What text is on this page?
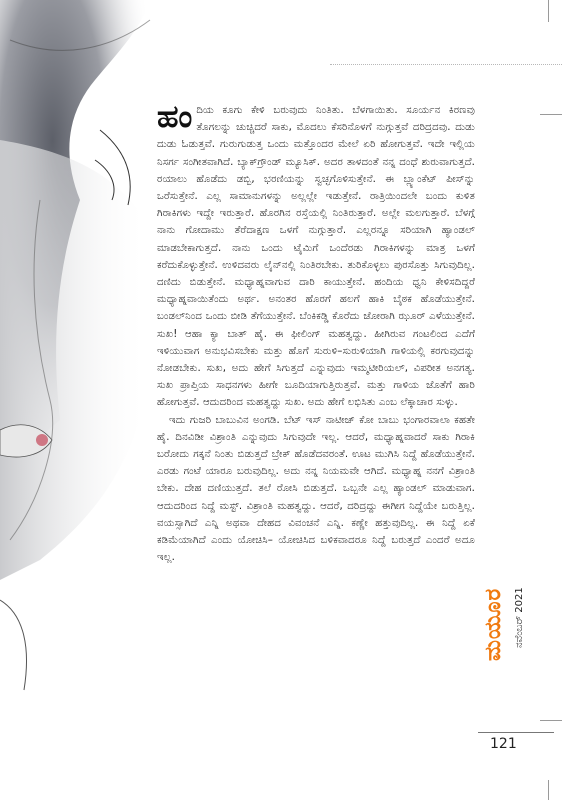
ಹಂದಿಯ ಕೂಗು ಕೇಳಿ ಬರುವುದು ನಿಂತಿತು. ಬೆಳಗಾಯಿತು. ಸೂರ್ಯನ ಕಿರಣವು ತೊಗಲನ್ನು ಚುಚ್ಚಿದರೆ ಸಾಕು, ಮೊದಲು ಕೆಸರಿನೊಳಗೆ ನುಗ್ಗುತ್ತವೆ ದರಿದ್ರದವು. ದುಡು ದುಡು ಓಡುತ್ತವೆ. ಗುರುಗುಡುತ್ತ ಒಂದು ಮತ್ತೊಂದರ ಮೇಲೆ ಏರಿ ಹೋಗುತ್ತವೆ. ಇದೇ ಇಲ್ಲಿಯ ನಿಸರ್ಗ ಸಂಗೀತವಾಗಿದೆ. ಬ್ಯಾಕ್‌ಗ್ರೌಂಡ್ ಮ್ಯೂಸಿಕ್. ಅದರ ತಾಳದಂತೆ ನನ್ನ ದಂಧೆ ಶುರುವಾಗುತ್ತದೆ. ರಯಾಲು ಹೊಡೆದು ಡಬ್ಬಿ, ಭರಣಿಯನ್ನು ಸ್ವಚ್ಛಗೊಳಿಸುತ್ತೇನೆ. ಈ ಬ್ಲ್ಯಾಂಕೆಟ್ ಪೀಸ್‌ನ್ನು ಒರೆಸುತ್ತೇನೆ. ಎಲ್ಲ ಸಾಮಾನುಗಳನ್ನು ಅಲ್ಲಲ್ಲೇ ಇಡುತ್ತೇನೆ. ರಾತ್ರಿಯಿಂದಲೇ ಬಂದು ಕುಳಿತ ಗಿರಾಕಿಗಳು ಇದ್ದೇ ಇರುತ್ತಾರೆ. ಹೊರಗಿನ ರಸ್ತೆಯಲ್ಲಿ ನಿಂತಿರುತ್ತಾರೆ. ಅಲ್ಲೇ ಮಲಗುತ್ತಾರೆ. ಬೆಳಗ್ಗೆ ನಾನು ಗೋದಾಮು ತೆರೆದಾಕ್ಷಣ ಒಳಗೆ ನುಗ್ಗುತ್ತಾರೆ. ಎಲ್ಲರನ್ನೂ ಸರಿಯಾಗಿ ಹ್ಯಾಂಡಲ್ ಮಾಡಬೇಕಾಗುತ್ತದೆ. ನಾನು ಒಂದು ಟೈಮಿಗೆ ಒಂದೆರಡು ಗಿರಾಕಿಗಳನ್ನು ಮಾತ್ರ ಒಳಗೆ ಕರೆದುಕೊಳ್ಳುತ್ತೇನೆ. ಉಳಿದವರು ಲೈನ್‌ನಲ್ಲಿ ನಿಂತಿರಬೇಕು. ತುರಿಕೊಳ್ಳಲು ಪುರಸೊತ್ತು ಸಿಗುವುದಿಲ್ಲ. ದಣಿದು ಬಿಡುತ್ತೇನೆ. ಮಧ್ಯಾಹ್ನವಾಗುವ ದಾರಿ ಕಾಯುತ್ತೇನೆ. ಹಂದಿಯ ಧ್ವನಿ ಕೇಳಿಸದಿದ್ದರೆ ಮಧ್ಯಾಹ್ನವಾಯಿತೆಂದು ಅರ್ಥ. ಅನಂತರ ಹೊರಗೆ ಹಲಗೆ ಹಾಕಿ ಬೈಠಕ ಹೊಡೆಯುತ್ತೇನೆ. ಬಂಡಲ್‌ನಿಂದ ಒಂದು ಬೀಡಿ ತೆಗೆಯುತ್ತೇನೆ. ಬೆಂಕಿಕಡ್ಡಿ ಕೊರೆದು ಜೋರಾಗಿ ಝೂರ್ ಎಳೆಯುತ್ತೇನೆ. ಸುಖ! ಆಹಾ ಕ್ಯಾ ಬಾತ್ ಹೈ. ಈ ಫೀಲಿಂಗ್ ಮಹತ್ವದ್ದು. ಹೀಗಿರುವ ಗಂಟಲಿಂದ ಎದೆಗೆ ಇಳಿಯುವಾಗ ಅನುಭವಿಸಬೇಕು ಮತ್ತು ಹೊಗೆ ಸುರುಳಿ–ಸುರುಳಿಯಾಗಿ ಗಾಳಿಯಲ್ಲಿ ಕರಗುವುದನ್ನು ನೋಡಬೇಕು. ಸುಖ, ಅದು ಹೇಗೆ ಸಿಗುತ್ತದೆ ಎನ್ನುವುದು ಇಮ್ಮಟೀರಿಯಲ್, ವಿಪರೀತ ಅನಗತ್ಯ. ಸುಖ ಪ್ರಾಪ್ತಿಯ ಸಾಧನಗಳು ಹೀಗೇ ಬೂದಿಯಾಗುತ್ತಿರುತ್ತವೆ. ಮತ್ತು ಗಾಳಿಯ ಜೊತೆಗೆ ಹಾರಿ ಹೋಗುತ್ತವೆ. ಆದುದರಿಂದ ಮಹತ್ವದ್ದು ಸುಖ. ಅದು ಹೇಗೆ ಲಭಿಸಿತು ಎಂಬ ಲೆಕ್ಕಾಚಾರ ಸುಳ್ಳು.

ಇದು ಗುಜರಿ ಬಾಬುವಿನ ಅಂಗಡಿ. ಬೆಟ್ ಇಸ್ ನಾಟೀಜ್ ಕೋ ಬಾಬು ಭಂಗಾರವಾಲಾ ಕಹತೇ ಹೈ. ದಿನವಿಡೀ ವಿಶ್ರಾಂತಿ ಎನ್ನುವುದು ಸಿಗುವುದೇ ಇಲ್ಲ. ಆದರೆ, ಮಧ್ಯಾಹ್ನವಾದರೆ ಸಾಕು ಗಿರಾಕಿ ಬರೋದು ಗಕ್ಕನೆ ನಿಂತು ಬಿಡುತ್ತದೆ ಬ್ರೇಕ್ ಹೊಡೆದವರಂತೆ. ಊಟ ಮುಗಿಸಿ ನಿದ್ದೆ ಹೊಡೆಯುತ್ತೇನೆ. ಎರಡು ಗಂಟೆ ಯಾರೂ ಬರುವುದಿಲ್ಲ. ಅದು ನನ್ನ ನಿಯಮವೇ ಆಗಿದೆ. ಮಧ್ಯಾಹ್ನ ನನಗೆ ವಿಶ್ರಾಂತಿ ಬೇಕು. ದೇಹ ದಣಿಯುತ್ತದೆ. ತಲೆ ರೋಸಿ ಬಿಡುತ್ತದೆ. ಒಬ್ಬನೇ ಎಲ್ಲ ಹ್ಯಾಂಡಲ್ ಮಾಡುವಾಗ. ಆದುದರಿಂದ ನಿದ್ದೆ ಮಸ್ಟ್. ವಿಶ್ರಾಂತಿ ಮಹತ್ವದ್ದು. ಆದರೆ, ದರಿದ್ರದ್ದು ಈಗೀಗ ನಿದ್ದೆಯೇ ಬರುತ್ತಿಲ್ಲ. ವಯಸ್ಸಾಗಿದೆ ಎನ್ನಿ ಅಥವಾ ದೇಹದ ವಿವಂಚನೆ ಎನ್ನಿ. ಕಣ್ಣೇ ಹತ್ತುವುದಿಲ್ಲ. ಈ ನಿದ್ದೆ ಏಕೆ ಕಡಿಮೆಯಾಗಿದೆ ಎಂದು ಯೋಚಿಸಿ– ಯೋಚಿಸಿದ ಬಳಿಕವಾದರೂ ನಿದ್ದೆ ಬರುತ್ತದೆ ಎಂದರೆ ಅದೂ ಇಲ್ಲ.

ಮಯೂರ ನವೆಂಬರ್ 2021
121
